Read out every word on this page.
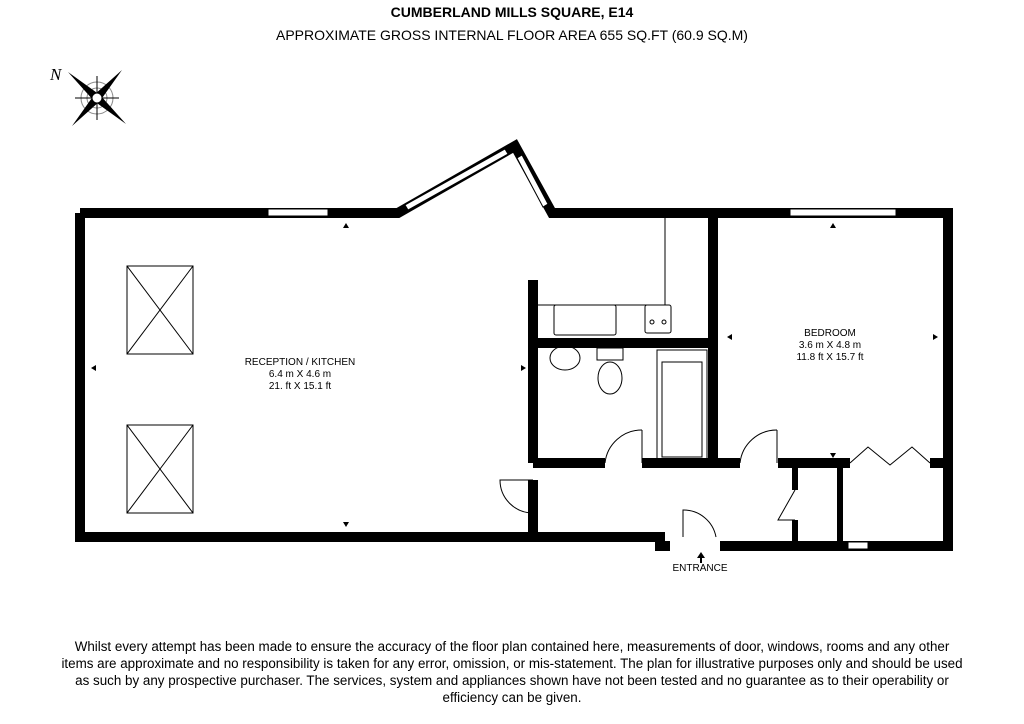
CUMBERLAND MILLS SQUARE, E14
APPROXIMATE GROSS INTERNAL FLOOR AREA 655 SQ.FT (60.9 SQ.M)
N
RECEPTION / KITCHEN
6.4 m X 4.6 m
21. ft X 15.1 ft
BEDROOM
3.6 m X 4.8 m
11.8 ft X 15.7 ft
ENTRANCE
Whilst every attempt has been made to ensure the accuracy of the floor plan contained here, measurements of door, windows, rooms and any other items are approximate and no responsibility is taken for any error, omission, or mis-statement. The plan for illustrative purposes only and should be used as such by any prospective purchaser. The services, system and appliances shown have not been tested and no guarantee as to their operability or efficiency can be given.
